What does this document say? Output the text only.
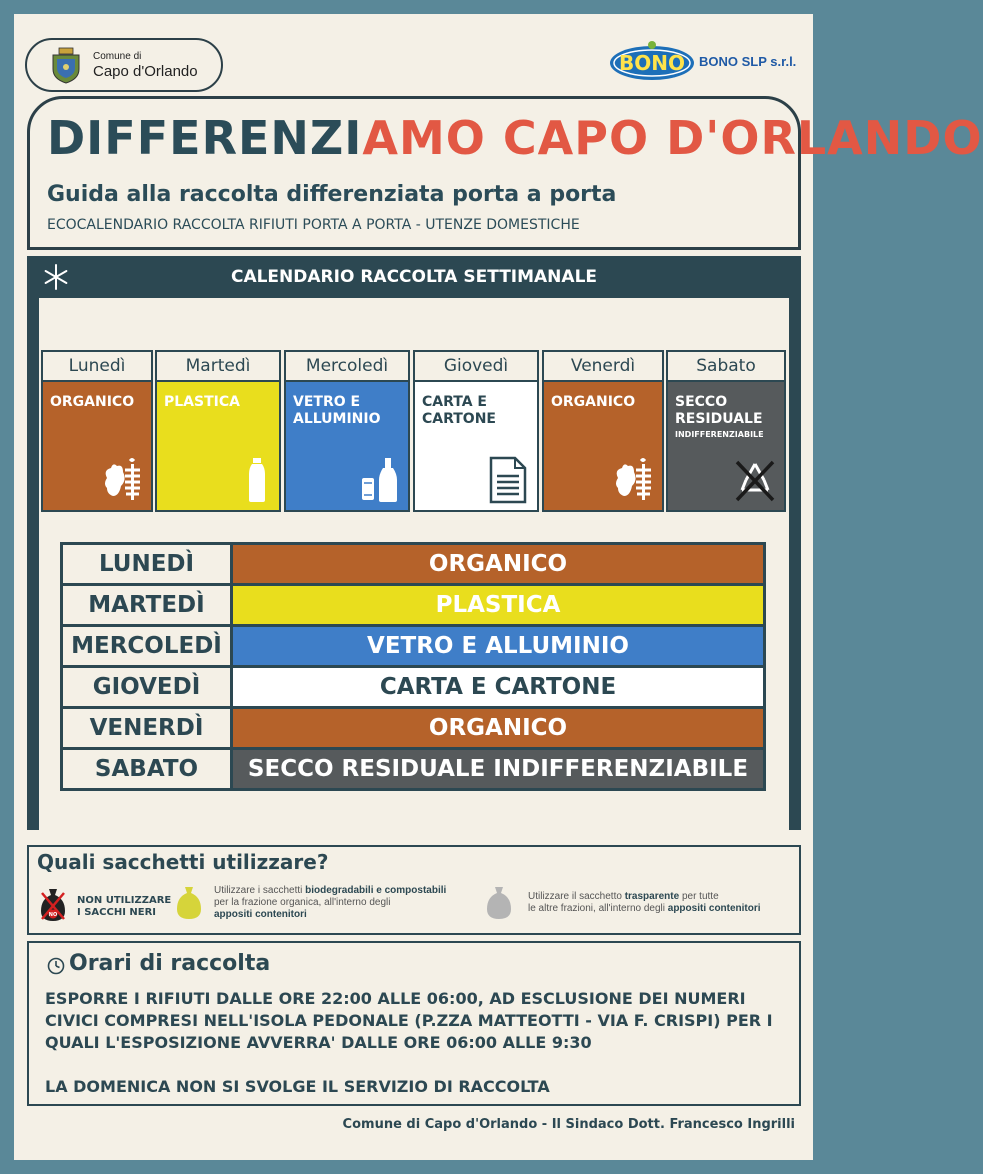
Comune di
Capo d'Orlando	BONO BONO SLP s.r.l.
DIFFERENZIAMO CAPO D'ORLANDO
Guida alla raccolta differenziata porta a porta
ECOCALENDARIO RACCOLTA RIFIUTI PORTA A PORTA - UTENZE DOMESTICHE
CALENDARIO RACCOLTA SETTIMANALE
Lunedì
ORGANICO
Martedì
PLASTICA
Mercoledì
VETRO E
ALLUMINIO
Giovedì
CARTA E
CARTONE
Venerdì
ORGANICO
Sabato
SECCO
RESIDUALE
INDIFFERENZIABILE
LUNEDÌ	ORGANICO
MARTEDÌ	PLASTICA
MERCOLEDÌ	VETRO E ALLUMINIO
GIOVEDÌ	CARTA E CARTONE
VENERDÌ	ORGANICO
SABATO	SECCO RESIDUALE INDIFFERENZIABILE
Quali sacchetti utilizzare?
NO
NON UTILIZZARE
I SACCHI NERI
Utilizzare i sacchetti biodegradabili e compostabili
per la frazione organica, all'interno degli
appositi contenitori
Utilizzare il sacchetto trasparente per tutte
le altre frazioni, all'interno degli appositi contenitori
Orari di raccolta

ESPORRE I RIFIUTI DALLE ORE 22:00 ALLE 06:00, AD ESCLUSIONE DEI NUMERI

CIVICI COMPRESI NELL'ISOLA PEDONALE (P.ZZA MATTEOTTI - VIA F. CRISPI) PER I

QUALI L'ESPOSIZIONE AVVERRA' DALLE ORE 06:00 ALLE 9:30

LA DOMENICA NON SI SVOLGE IL SERVIZIO DI RACCOLTA

Comune di Capo d'Orlando - Il Sindaco Dott. Francesco Ingrilli
